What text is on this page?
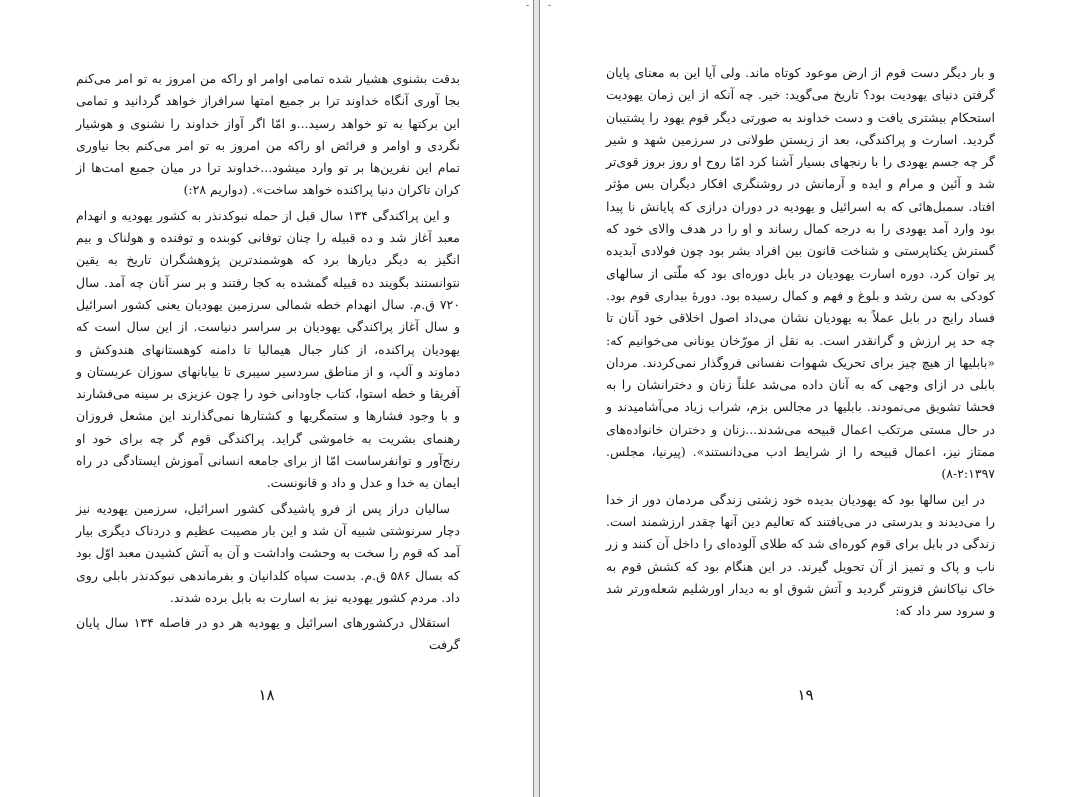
-

بدقت بشنوی هشیار شده تمامی اوامر او راکه من امروز به تو امر می‌کنم بجا آوری آنگاه خداوند ترا بر جمیع امتها سرافراز خواهد گردانید و تمامی این برکتها به تو خواهد رسید...و امّا اگر آواز خداوند را نشنوی و هوشیار نگردی و اوامر و فرائض او راکه من امروز به تو امر می‌کنم بجا نیاوری تمام این نفرین‌ها بر تو وارد میشود...خداوند ترا در میان جمیع امت‌ها از کران تاکران دنیا پراکنده خواهد ساخت». (دواریم ۲۸:)

و این پراکندگی ۱۳۴ سال قبل از حمله نبوکدنذر به کشور یهودیه و انهدام معبد آغاز شد و ده قبیله را چنان توفانی کوبنده و توفنده و هولناک و بیم انگیز به دیگر دیارها برد که هوشمندترین پژوهشگران تاریخ به یقین نتوانستند بگویند ده قبیله گمشده به کجا رفتند و بر سر آنان چه آمد. سال ۷۲۰ ق.م. سال انهدام خطه شمالی سرزمین یهودیان یعنی کشور اسرائیل و سال آغاز پراکندگی یهودیان بر سراسر دنیاست. از این سال است که یهودیان پراکنده، از کنار جبال هیمالیا تا دامنه کوهستانهای هندوکش و دماوند و آلپ، و از مناطق سردسیر سیبری تا بیابانهای سوزان عربستان و آفریقا و خطه استوا، کتاب جاودانی خود را چون عزیزی بر سینه می‌فشارند و با وجود فشارها و ستمگریها و کشتارها نمی‌گذارند این مشعل فروزان رهنمای بشریت به خاموشی گراید. پراکندگی قوم گر چه برای خود او رنج‌آور و توانفرساست امّا از برای جامعه انسانی آموزش ایستادگی در راه ایمان به خدا و عدل و داد و قانونست.

سالیان دراز پس از فرو پاشیدگی کشور اسرائیل، سرزمین یهودیه نیز دچار سرنوشتی شبیه آن شد و این بار مصیبت عظیم و دردناک دیگری بیار آمد که قوم را سخت به وحشت واداشت و آن به آتش کشیدن معبد اوّل بود که بسال ۵۸۶ ق.م. بدست سپاه کلدانیان و بفرماندهی نبوکدنذر بابلی روی داد. مردم کشور یهودیه نیز به اسارت به بابل برده شدند.

استقلال درکشورهای اسرائیل و یهودیه هر دو در فاصله ۱۳۴ سال پایان گرفت

۱۸
-

و بار دیگر دست قوم از ارض موعود کوتاه ماند. ولی آیا این به معنای پایان گرفتن دنیای یهودیت بود؟ تاریخ می‌گوید: خیر. چه آنکه از این زمان یهودیت استحکام بیشتری یافت و دست خداوند به صورتی دیگر قوم یهود را پشتیبان گردید. اسارت و پراکندگی، بعد از زیستن طولانی در سرزمین شهد و شیر گر چه جسم یهودی را با رنجهای بسیار آشنا کرد امّا روح او روز بروز قوی‌تر شد و آئین و مرام و ایده و آرمانش در روشنگری افکار دیگران بس مؤثر افتاد. سمبل‌هائی که به اسرائیل و یهودیه در دوران درازی که پایانش نا پیدا بود وارد آمد یهودی را به درجه کمال رساند و او را در هدف والای خود که گسترش یکتاپرستی و شناخت قانون بین افراد بشر بود چون فولادی آبدیده پر توان کرد. دوره اسارت یهودیان در بابل دوره‌ای بود که ملّتی از سالهای کودکی به سن رشد و بلوغ و فهم و کمال رسیده بود. دورهٔ بیداری قوم بود. فساد رایج در بابل عملاً به یهودیان نشان می‌داد اصول اخلاقی خود آنان تا چه حد پر ارزش و گرانقدر است. به نقل از مورّخان یونانی می‌خوانیم که: «بابلیها از هیچ چیز برای تحریک شهوات نفسانی فروگذار نمی‌کردند. مردان بابلی در ازای وجهی که به آنان داده می‌شد علناً زنان و دخترانشان را به فحشا تشویق می‌نمودند. بابلیها در مجالس بزم، شراب زیاد می‌آشامیدند و در حال مستی مرتکب اعمال قبیحه می‌شدند...زنان و دختران خانواده‌های ممتاز نیز، اعمال قبیحه را از شرایط ادب می‌دانستند». (پیرنیا، مجلس. ۲:۱۳۹۷-۸)

در این سالها بود که یهودیان بدیده خود زشتی زندگی مردمان دور از خدا را می‌دیدند و بدرستی در می‌یافتند که تعالیم دین آنها چقدر ارزشمند است. زندگی در بابل برای قوم کوره‌ای شد که طلای آلوده‌ای را داخل آن کنند و زر ناب و پاک و تمیز از آن تحویل گیرند. در این هنگام بود که کشش قوم به خاک نیاکانش فزونتر گردید و آتش شوق او به دیدار اورشلیم شعله‌ورتر شد و سرود سر داد که:

۱۹
